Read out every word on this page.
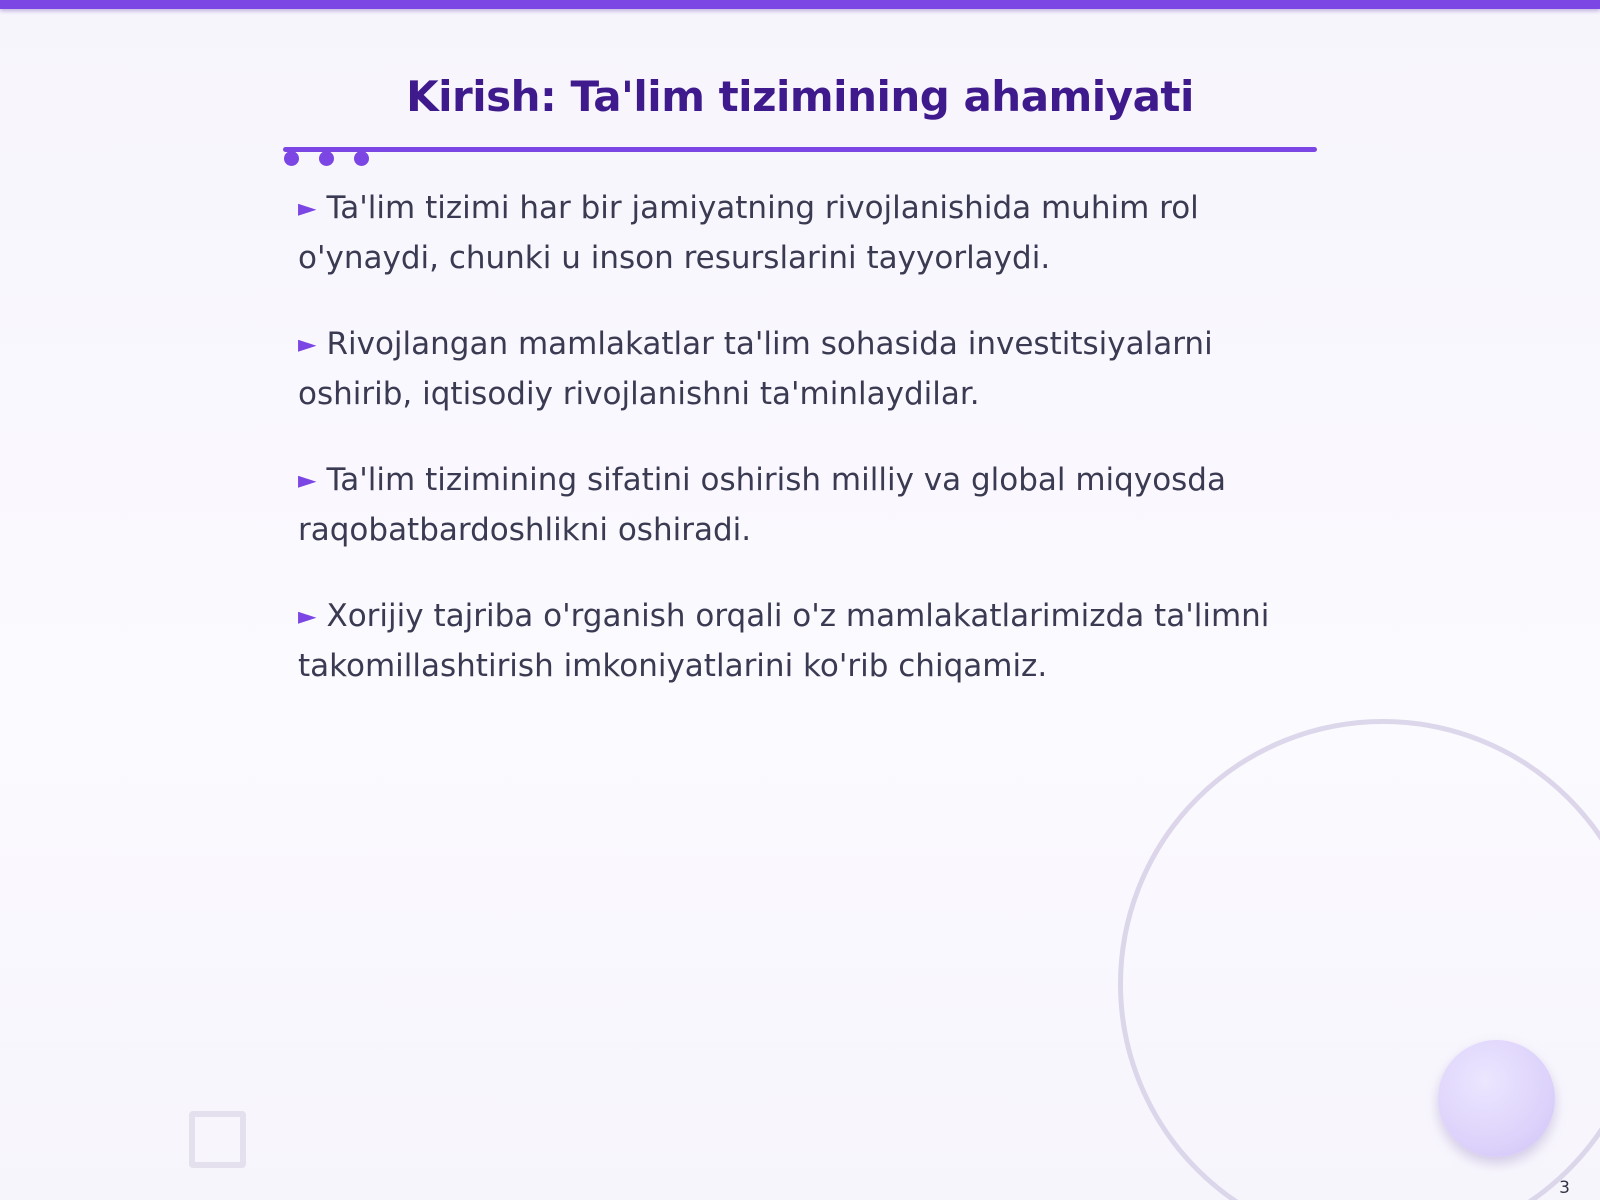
Kirish: Ta'lim tizimining ahamiyati
► Ta'lim tizimi har bir jamiyatning rivojlanishida muhim rol o'ynaydi, chunki u inson resurslarini tayyorlaydi.
► Rivojlangan mamlakatlar ta'lim sohasida investitsiyalarni oshirib, iqtisodiy rivojlanishni ta'minlaydilar.
► Ta'lim tizimining sifatini oshirish milliy va global miqyosda raqobatbardoshlikni oshiradi.
► Xorijiy tajriba o'rganish orqali o'z mamlakatlarimizda ta'limni takomillashtirish imkoniyatlarini ko'rib chiqamiz.
3
